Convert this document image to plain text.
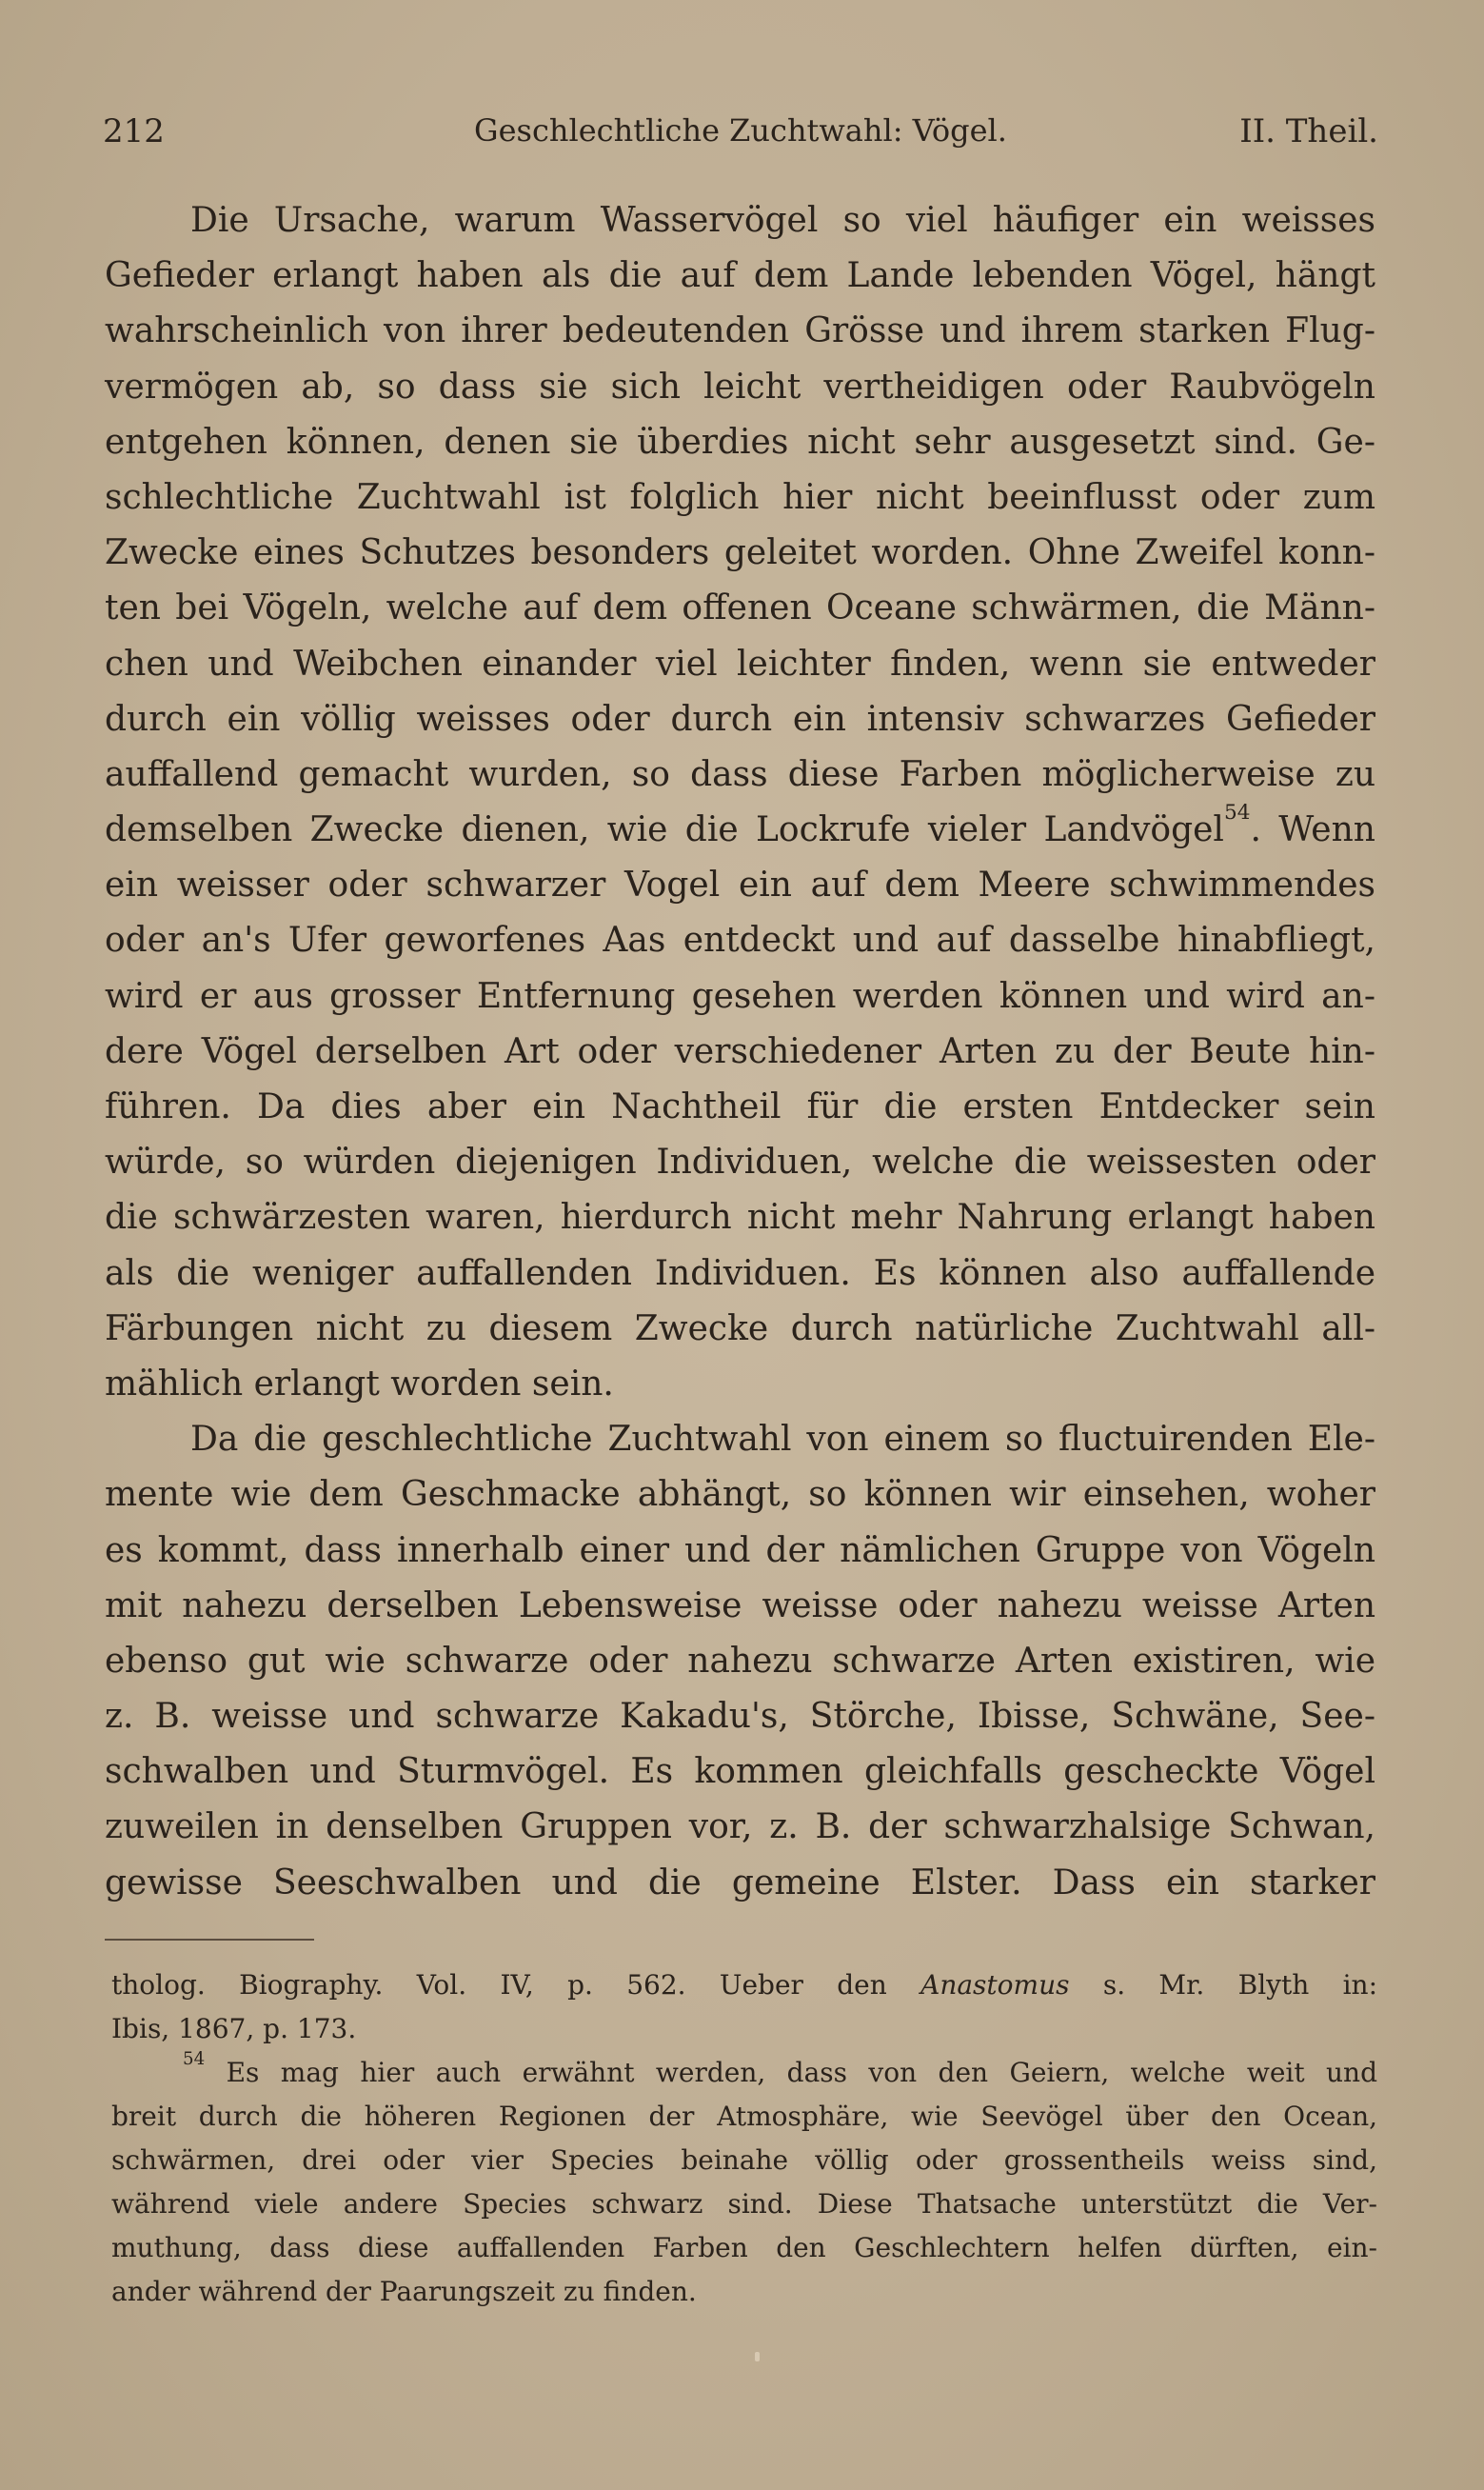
212	Geschlechtliche Zuchtwahl: Vögel.	II. Theil.
Die Ursache, warum Wasservögel so viel häufiger ein weisses
Gefieder erlangt haben als die auf dem Lande lebenden Vögel, hängt
wahrscheinlich von ihrer bedeutenden Grösse und ihrem starken Flug-
vermögen ab, so dass sie sich leicht vertheidigen oder Raubvögeln
entgehen können, denen sie überdies nicht sehr ausgesetzt sind. Ge-
schlechtliche Zuchtwahl ist folglich hier nicht beeinflusst oder zum
Zwecke eines Schutzes besonders geleitet worden. Ohne Zweifel konn-
ten bei Vögeln, welche auf dem offenen Oceane schwärmen, die Männ-
chen und Weibchen einander viel leichter finden, wenn sie entweder
durch ein völlig weisses oder durch ein intensiv schwarzes Gefieder
auffallend gemacht wurden, so dass diese Farben möglicherweise zu
demselben Zwecke dienen, wie die Lockrufe vieler Landvögel$^{54}$. Wenn
ein weisser oder schwarzer Vogel ein auf dem Meere schwimmendes
oder an's Ufer geworfenes Aas entdeckt und auf dasselbe hinabfliegt,
wird er aus grosser Entfernung gesehen werden können und wird an-
dere Vögel derselben Art oder verschiedener Arten zu der Beute hin-
führen. Da dies aber ein Nachtheil für die ersten Entdecker sein
würde, so würden diejenigen Individuen, welche die weissesten oder
die schwärzesten waren, hierdurch nicht mehr Nahrung erlangt haben
als die weniger auffallenden Individuen. Es können also auffallende
Färbungen nicht zu diesem Zwecke durch natürliche Zuchtwahl all-
mählich erlangt worden sein.
Da die geschlechtliche Zuchtwahl von einem so fluctuirenden Ele-
mente wie dem Geschmacke abhängt, so können wir einsehen, woher
es kommt, dass innerhalb einer und der nämlichen Gruppe von Vögeln
mit nahezu derselben Lebensweise weisse oder nahezu weisse Arten
ebenso gut wie schwarze oder nahezu schwarze Arten existiren, wie
z. B. weisse und schwarze Kakadu's, Störche, Ibisse, Schwäne, See-
schwalben und Sturmvögel. Es kommen gleichfalls gescheckte Vögel
zuweilen in denselben Gruppen vor, z. B. der schwarzhalsige Schwan,
gewisse Seeschwalben und die gemeine Elster. Dass ein starker
tholog. Biography. Vol. IV, p. 562. Ueber den Anastomus s. Mr. Blyth in:
Ibis, 1867, p. 173.
$^{54}$ Es mag hier auch erwähnt werden, dass von den Geiern, welche weit und
breit durch die höheren Regionen der Atmosphäre, wie Seevögel über den Ocean,
schwärmen, drei oder vier Species beinahe völlig oder grossentheils weiss sind,
während viele andere Species schwarz sind. Diese Thatsache unterstützt die Ver-
muthung, dass diese auffallenden Farben den Geschlechtern helfen dürften, ein-
ander während der Paarungszeit zu finden.
